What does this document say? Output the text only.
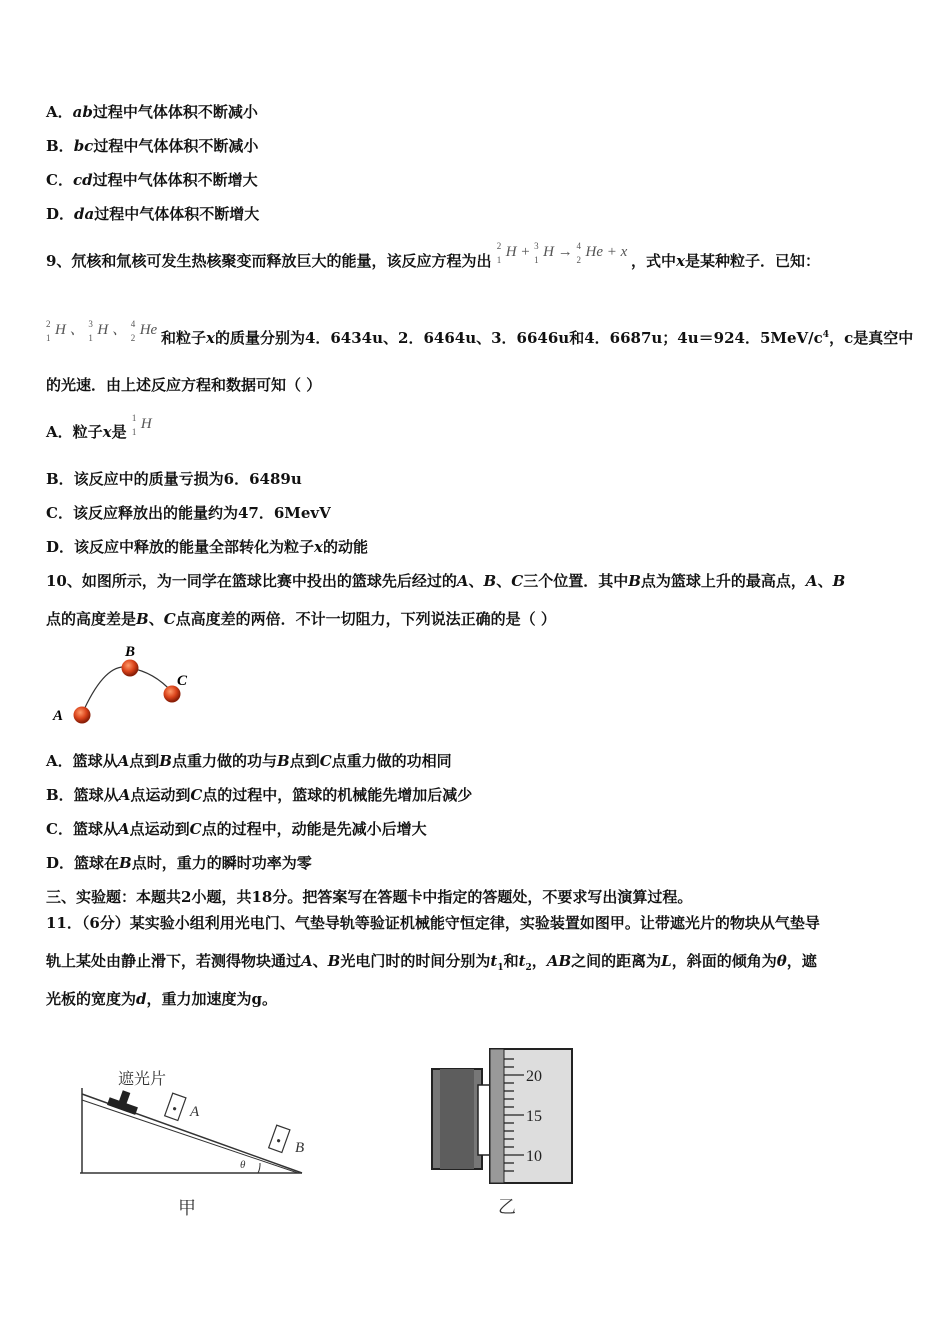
A．ab过程中气体体积不断减小
B．bc过程中气体体积不断减小
C．cd过程中气体体积不断增大
D．da过程中气体体积不断增大
9、氘核和氚核可发生热核聚变而释放巨大的能量，该反应方程为出
2
1 H + 3
1 H → 4
2 He + x ，式中x是某种粒子．已知：
2
1 H 、 3
1 H 、 4
2 He 和粒子x的质量分别为4．6434u、2．6464u、3．6646u和4．6687u；4u＝924．$5MeV/c^4$，c是真空中
的光速．由上述反应方程和数据可知（ ）
A．粒子x是
1
1 H
B．该反应中的质量亏损为6．6489u
C．该反应释放出的能量约为47．6MevV
D．该反应中释放的能量全部转化为粒子x的动能
10、如图所示，为一同学在篮球比赛中投出的篮球先后经过的A、B、C三个位置．其中B点为篮球上升的最高点，A、B
点的高度差是B、C点高度差的两倍．不计一切阻力，下列说法正确的是（ ）
A
B
C
A．篮球从A点到B点重力做的功与B点到C点重力做的功相同
B．篮球从A点运动到C点的过程中，篮球的机械能先增加后减少
C．篮球从A点运动到C点的过程中，动能是先减小后增大
D．篮球在B点时，重力的瞬时功率为零
三、实验题：本题共2小题，共18分。把答案写在答题卡中指定的答题处，不要求写出演算过程。
11．（6分）某实验小组利用光电门、气垫导轨等验证机械能守恒定律，实验装置如图甲。让带遮光片的物块从气垫导
轨上某处由静止滑下，若测得物块通过A、B光电门时的时间分别为$t_1$和$t_2$，AB之间的距离为L，斜面的倾角为θ，遮
光板的宽度为d，重力加速度为g。
遮光片
A
B
θ
甲
20
15
10
乙
